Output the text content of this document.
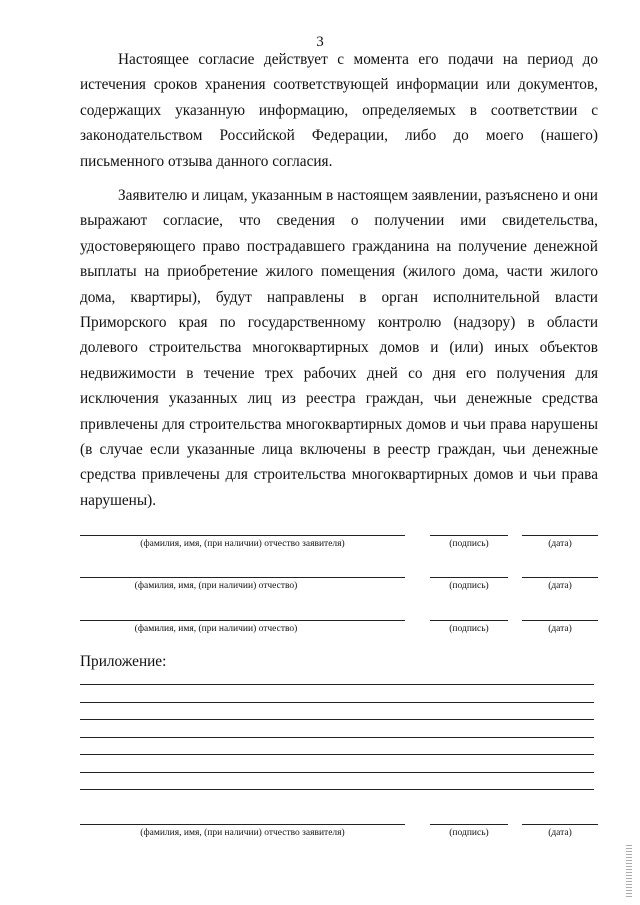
3

Настоящее согласие действует с момента его подачи на период до истечения сроков хранения соответствующей информации или документов, содержащих указанную информацию, определяемых в соответствии с законодательством Российской Федерации, либо до моего (нашего) письменного отзыва данного согласия.

Заявителю и лицам, указанным в настоящем заявлении, разъяснено и они выражают согласие, что сведения о получении ими свидетельства, удостоверяющего право пострадавшего гражданина на получение денежной выплаты на приобретение жилого помещения (жилого дома, части жилого дома, квартиры), будут направлены в орган исполнительной власти Приморского края по государственному контролю (надзору) в области долевого строительства многоквартирных домов и (или) иных объектов недвижимости в течение трех рабочих дней со дня его получения для исключения указанных лиц из реестра граждан, чьи денежные средства привлечены для строительства многоквартирных домов и чьи права нарушены (в случае если указанные лица включены в реестр граждан, чьи денежные средства привлечены для строительства многоквартирных домов и чьи права нарушены).

(фамилия, имя, (при наличии) отчество заявителя)	(подпись)	(дата)
(фамилия, имя, (при наличии) отчество)	(подпись)	(дата)
(фамилия, имя, (при наличии) отчество)	(подпись)	(дата)
Приложение:
(фамилия, имя, (при наличии) отчество заявителя)	(подпись)	(дата)
